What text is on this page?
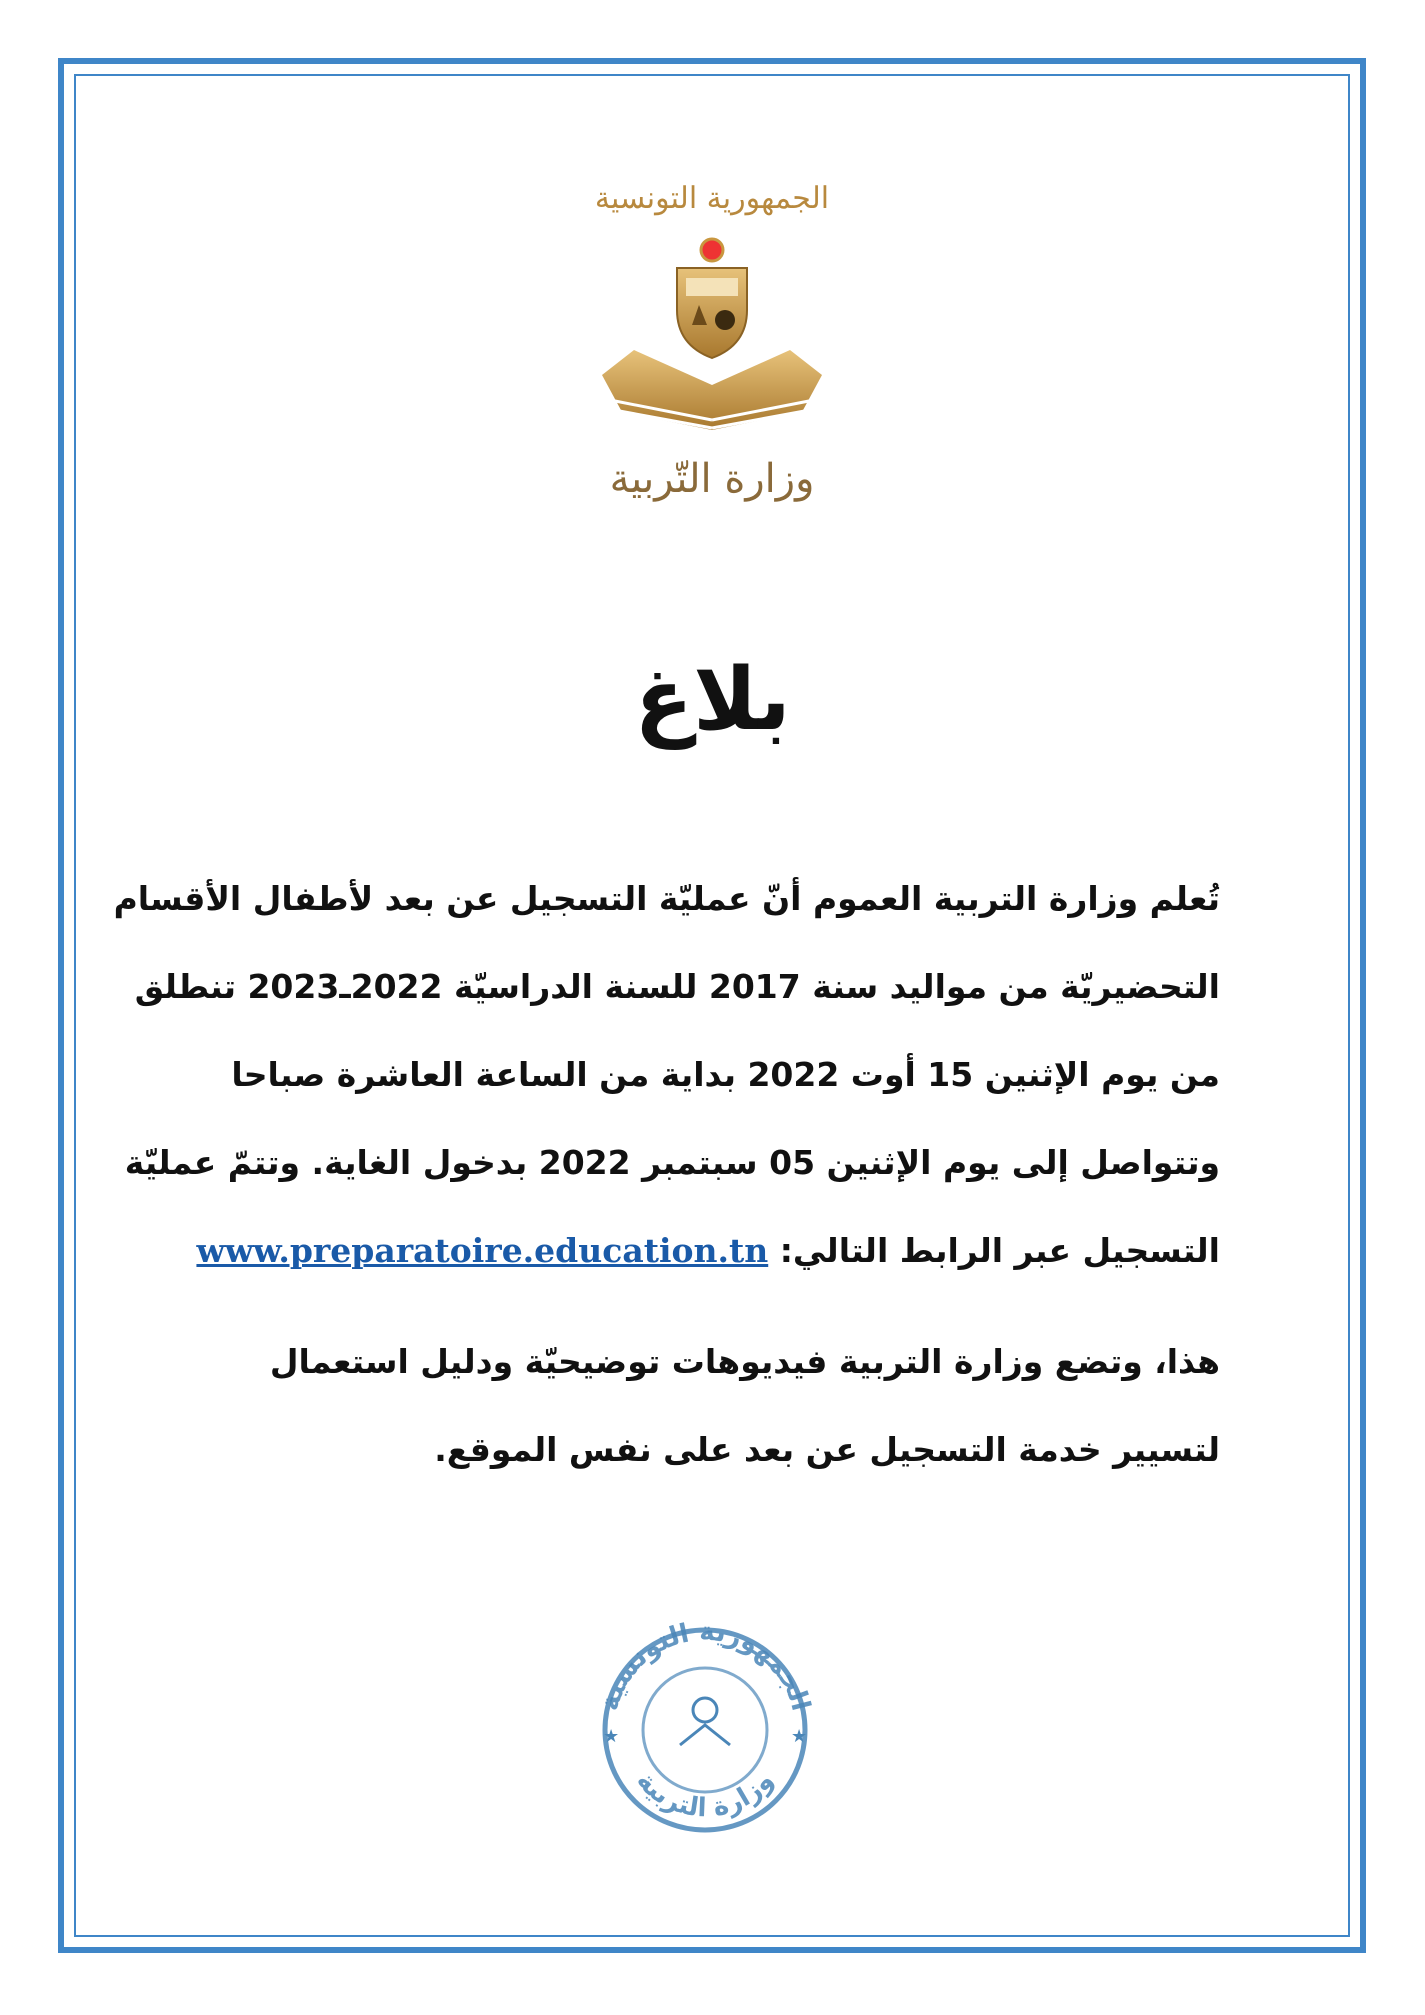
الجمهورية التونسية
وزارة التّربية
بلاغ
تُعلم وزارة التربية العموم أنّ عمليّة التسجيل عن بعد لأطفال الأقسام
التحضيريّة من مواليد سنة 2017 للسنة الدراسيّة 2022ـ2023 تنطلق
من يوم الإثنين 15 أوت 2022 بداية من الساعة العاشرة صباحا
وتتواصل إلى يوم الإثنين 05 سبتمبر 2022 بدخول الغاية. وتتمّ عمليّة
التسجيل عبر الرابط التالي: www.preparatoire.education.tn
هذا، وتضع وزارة التربية فيديوهات توضيحيّة ودليل استعمال
لتسيير خدمة التسجيل عن بعد على نفس الموقع.
الجمهورية التونسية
وزارة التربية
★	★
